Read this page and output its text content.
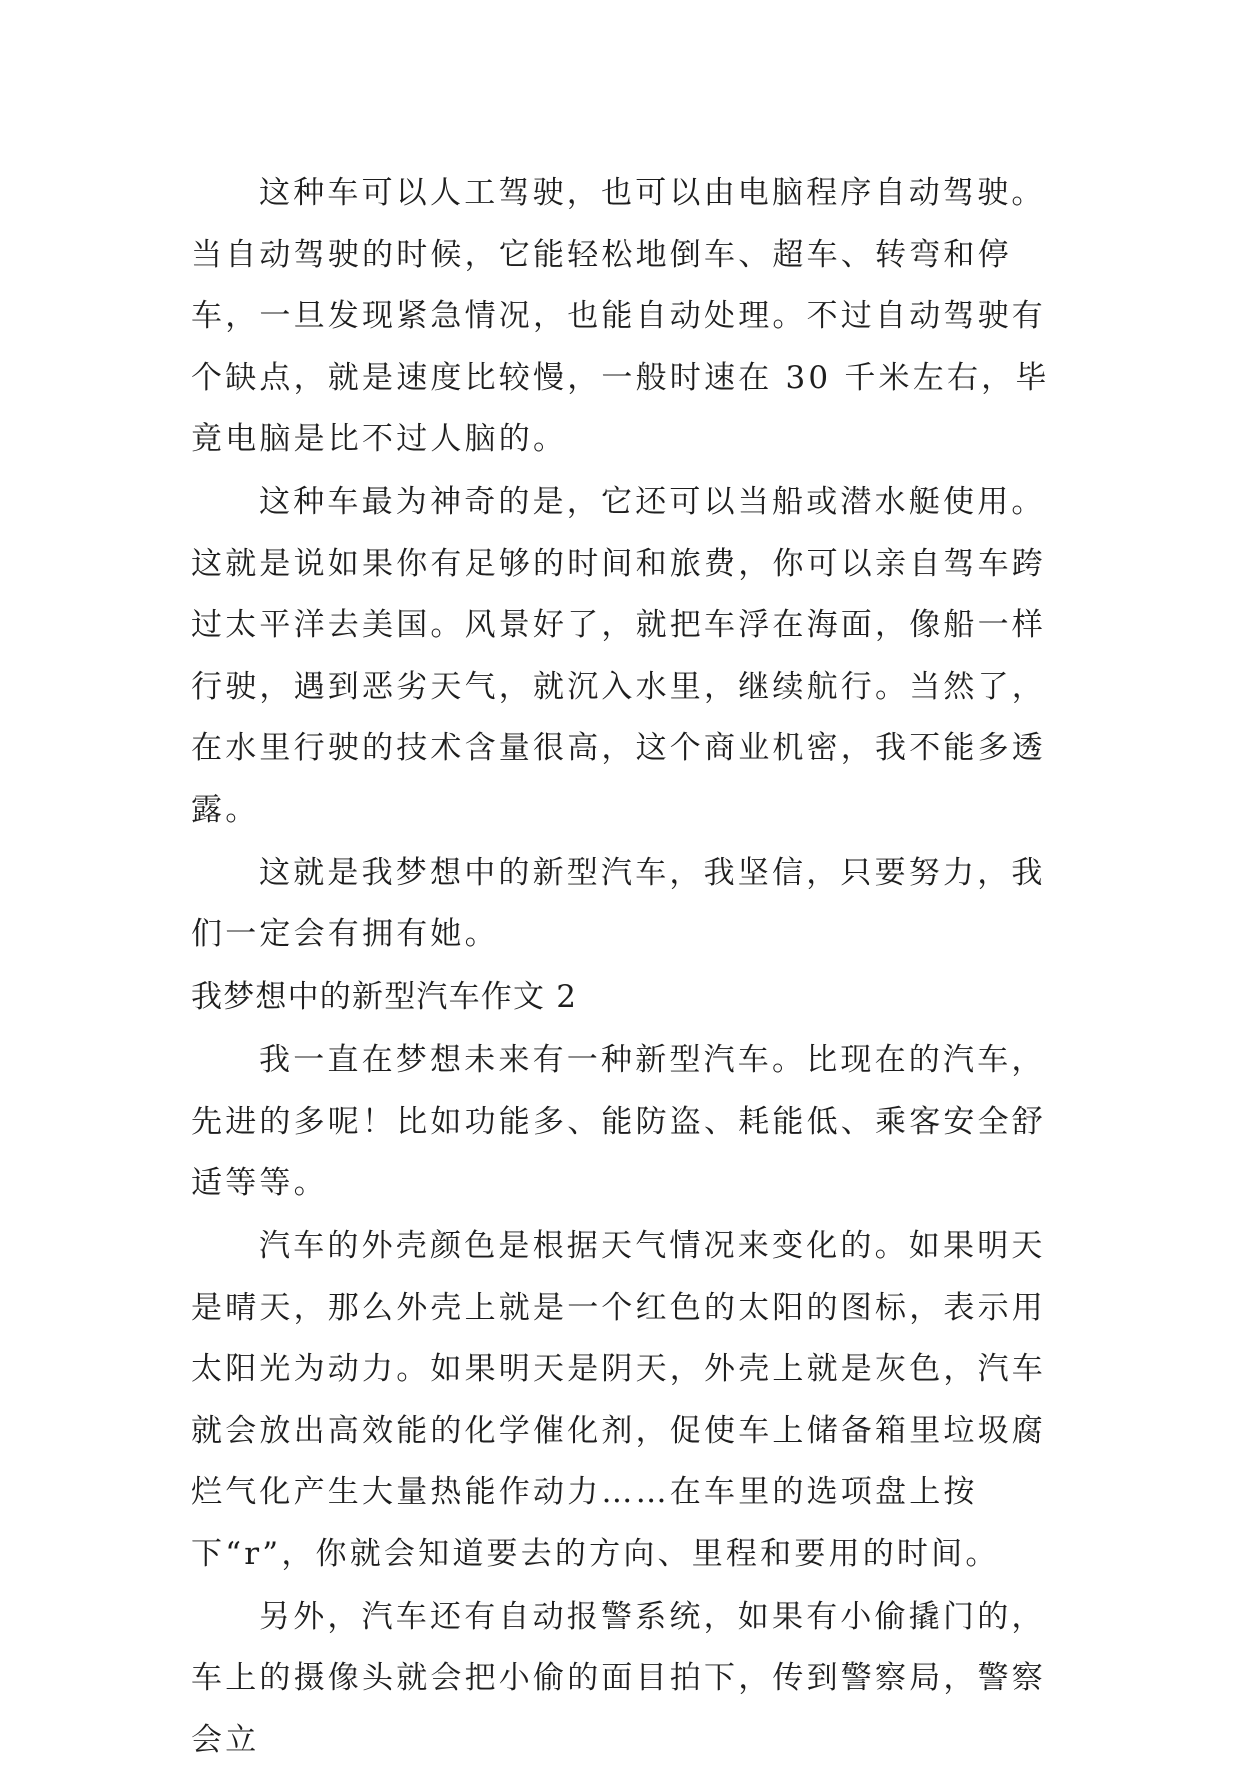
这种车可以人工驾驶，也可以由电脑程序自动驾驶。当自动驾驶的时候，它能轻松地倒车、超车、转弯和停车，一旦发现紧急情况，也能自动处理。不过自动驾驶有个缺点，就是速度比较慢，一般时速在 30 千米左右，毕竟电脑是比不过人脑的。

这种车最为神奇的是，它还可以当船或潜水艇使用。这就是说如果你有足够的时间和旅费，你可以亲自驾车跨过太平洋去美国。风景好了，就把车浮在海面，像船一样行驶，遇到恶劣天气，就沉入水里，继续航行。当然了，在水里行驶的技术含量很高，这个商业机密，我不能多透露。

这就是我梦想中的新型汽车，我坚信，只要努力，我们一定会有拥有她。

我梦想中的新型汽车作文 2

我一直在梦想未来有一种新型汽车。比现在的汽车，先进的多呢！比如功能多、能防盗、耗能低、乘客安全舒适等等。

汽车的外壳颜色是根据天气情况来变化的。如果明天是晴天，那么外壳上就是一个红色的太阳的图标，表示用太阳光为动力。如果明天是阴天，外壳上就是灰色，汽车就会放出高效能的化学催化剂，促使车上储备箱里垃圾腐烂气化产生大量热能作动力……在车里的选项盘上按下“r”，你就会知道要去的方向、里程和要用的时间。

另外，汽车还有自动报警系统，如果有小偷撬门的，车上的摄像头就会把小偷的面目拍下，传到警察局，警察会立
